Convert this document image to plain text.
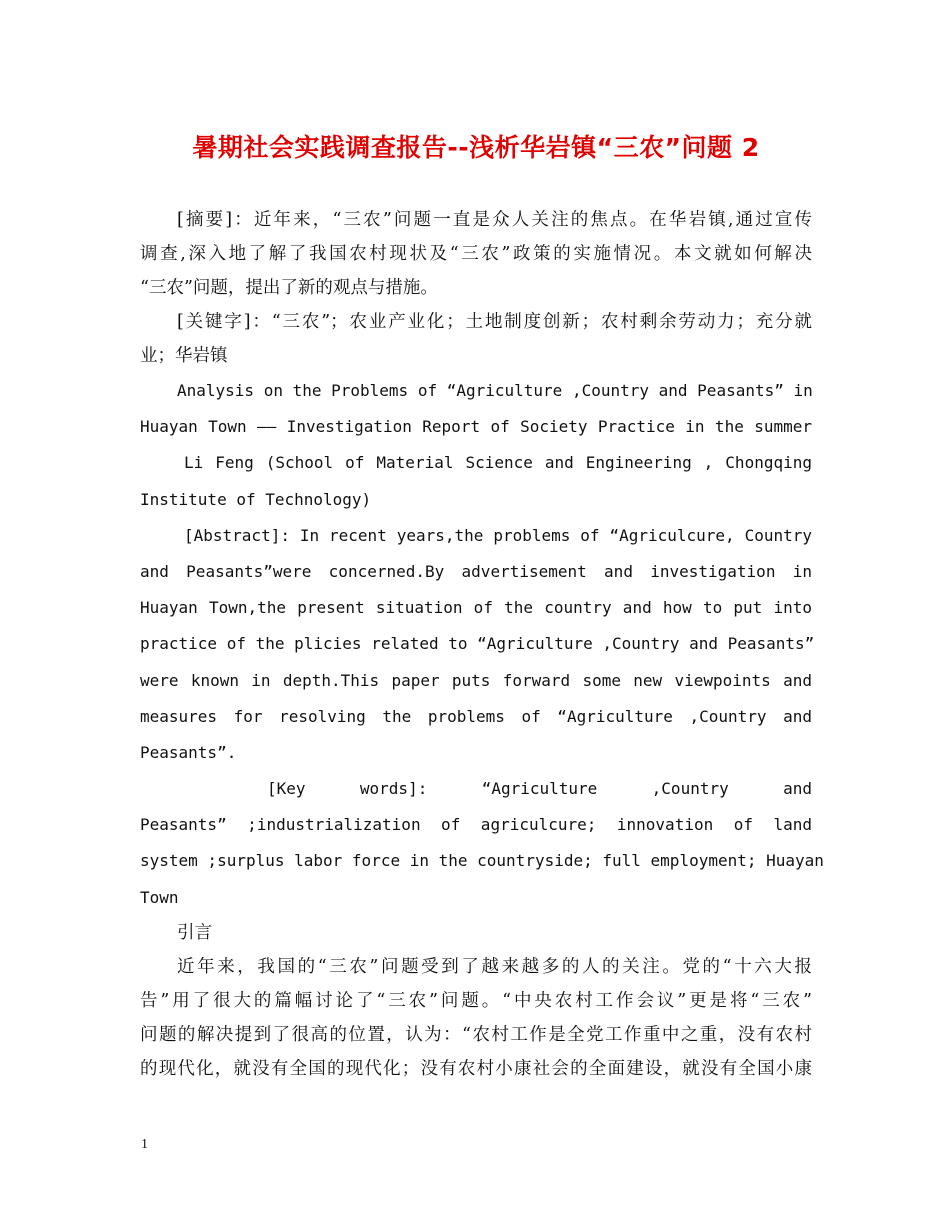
暑期社会实践调查报告--浅析华岩镇“三农”问题 2
[摘要]：近年来，“三农”问题一直是众人关注的焦点。在华岩镇,通过宣传
调查,深入地了解了我国农村现状及“三农”政策的实施情况。本文就如何解决
“三农”问题，提出了新的观点与措施。
[关键字]：“三农”；农业产业化；土地制度创新；农村剩余劳动力；充分就
业；华岩镇
Analysis on the Problems of “Agriculture ,Country and Peasants” in
Huayan Town —— Investigation Report of Society Practice in the summer
Li Feng (School of Material Science and Engineering , Chongqing
Institute of Technology)
[Abstract]: In recent years,the problems of “Agriculcure, Country
and Peasants”were concerned.By advertisement and investigation in
Huayan Town,the present situation of the country and how to put into
practice of the plicies related to “Agriculture ,Country and Peasants”
were known in depth.This paper puts forward some new viewpoints and
measures for resolving the problems of “Agriculture ,Country and
Peasants”.
[Key words]: “Agriculture ,Country and
Peasants” ;industrialization of agriculcure; innovation of land
system ;surplus labor force in the countryside; full employment; Huayan
Town
引言
近年来，我国的“三农”问题受到了越来越多的人的关注。党的“十六大报
告”用了很大的篇幅讨论了“三农”问题。“中央农村工作会议”更是将“三农”
问题的解决提到了很高的位置，认为：“农村工作是全党工作重中之重，没有农村
的现代化，就没有全国的现代化；没有农村小康社会的全面建设，就没有全国小康
1
